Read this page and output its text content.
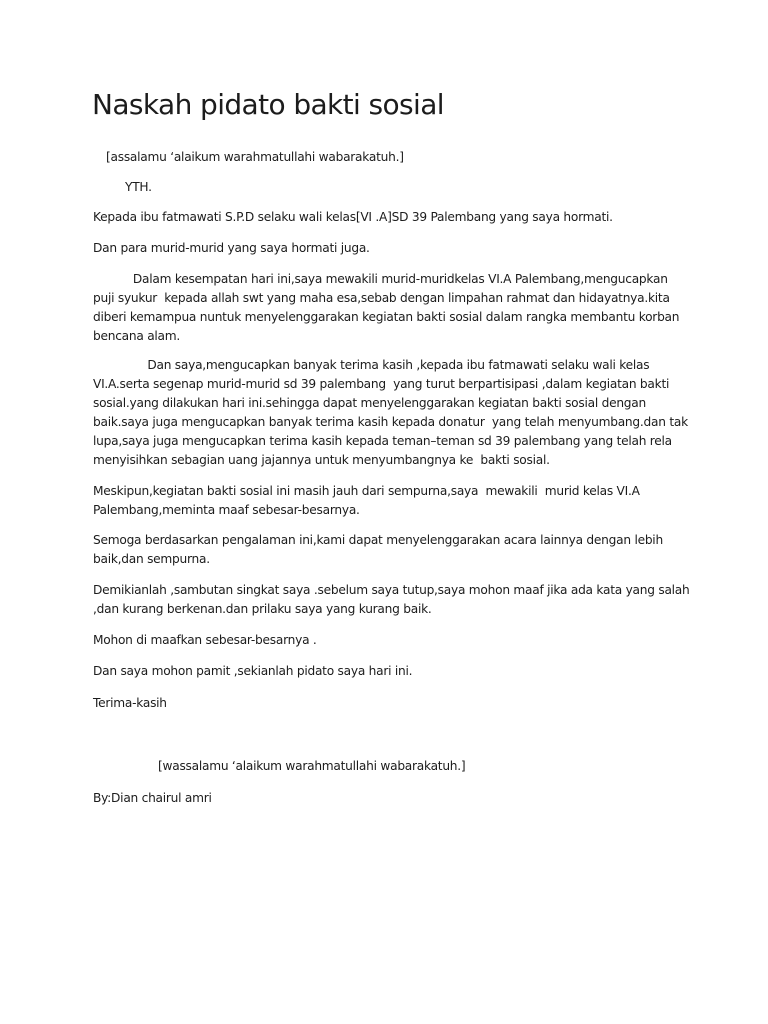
Naskah pidato bakti sosial

[assalamu ‘alaikum warahmatullahi wabarakatuh.]

YTH.

Kepada ibu fatmawati S.P.D selaku wali kelas[VI .A]SD 39 Palembang yang saya hormati.

Dan para murid-murid yang saya hormati juga.

Dalam kesempatan hari ini,saya mewakili murid-muridkelas VI.A Palembang,mengucapkan
puji syukur  kepada allah swt yang maha esa,sebab dengan limpahan rahmat dan hidayatnya.kita
diberi kemampua nuntuk menyelenggarakan kegiatan bakti sosial dalam rangka membantu korban
bencana alam.
Dan saya,mengucapkan banyak terima kasih ,kepada ibu fatmawati selaku wali kelas
VI.A.serta segenap murid-murid sd 39 palembang  yang turut berpartisipasi ,dalam kegiatan bakti
sosial.yang dilakukan hari ini.sehingga dapat menyelenggarakan kegiatan bakti sosial dengan
baik.saya juga mengucapkan banyak terima kasih kepada donatur  yang telah menyumbang.dan tak
lupa,saya juga mengucapkan terima kasih kepada teman–teman sd 39 palembang yang telah rela
menyisihkan sebagian uang jajannya untuk menyumbangnya ke  bakti sosial.
Meskipun,kegiatan bakti sosial ini masih jauh dari sempurna,saya  mewakili  murid kelas VI.A
Palembang,meminta maaf sebesar-besarnya.
Semoga berdasarkan pengalaman ini,kami dapat menyelenggarakan acara lainnya dengan lebih
baik,dan sempurna.
Demikianlah ,sambutan singkat saya .sebelum saya tutup,saya mohon maaf jika ada kata yang salah
,dan kurang berkenan.dan prilaku saya yang kurang baik.

Mohon di maafkan sebesar-besarnya .

Dan saya mohon pamit ,sekianlah pidato saya hari ini.

Terima-kasih

[wassalamu ‘alaikum warahmatullahi wabarakatuh.]

By:Dian chairul amri
